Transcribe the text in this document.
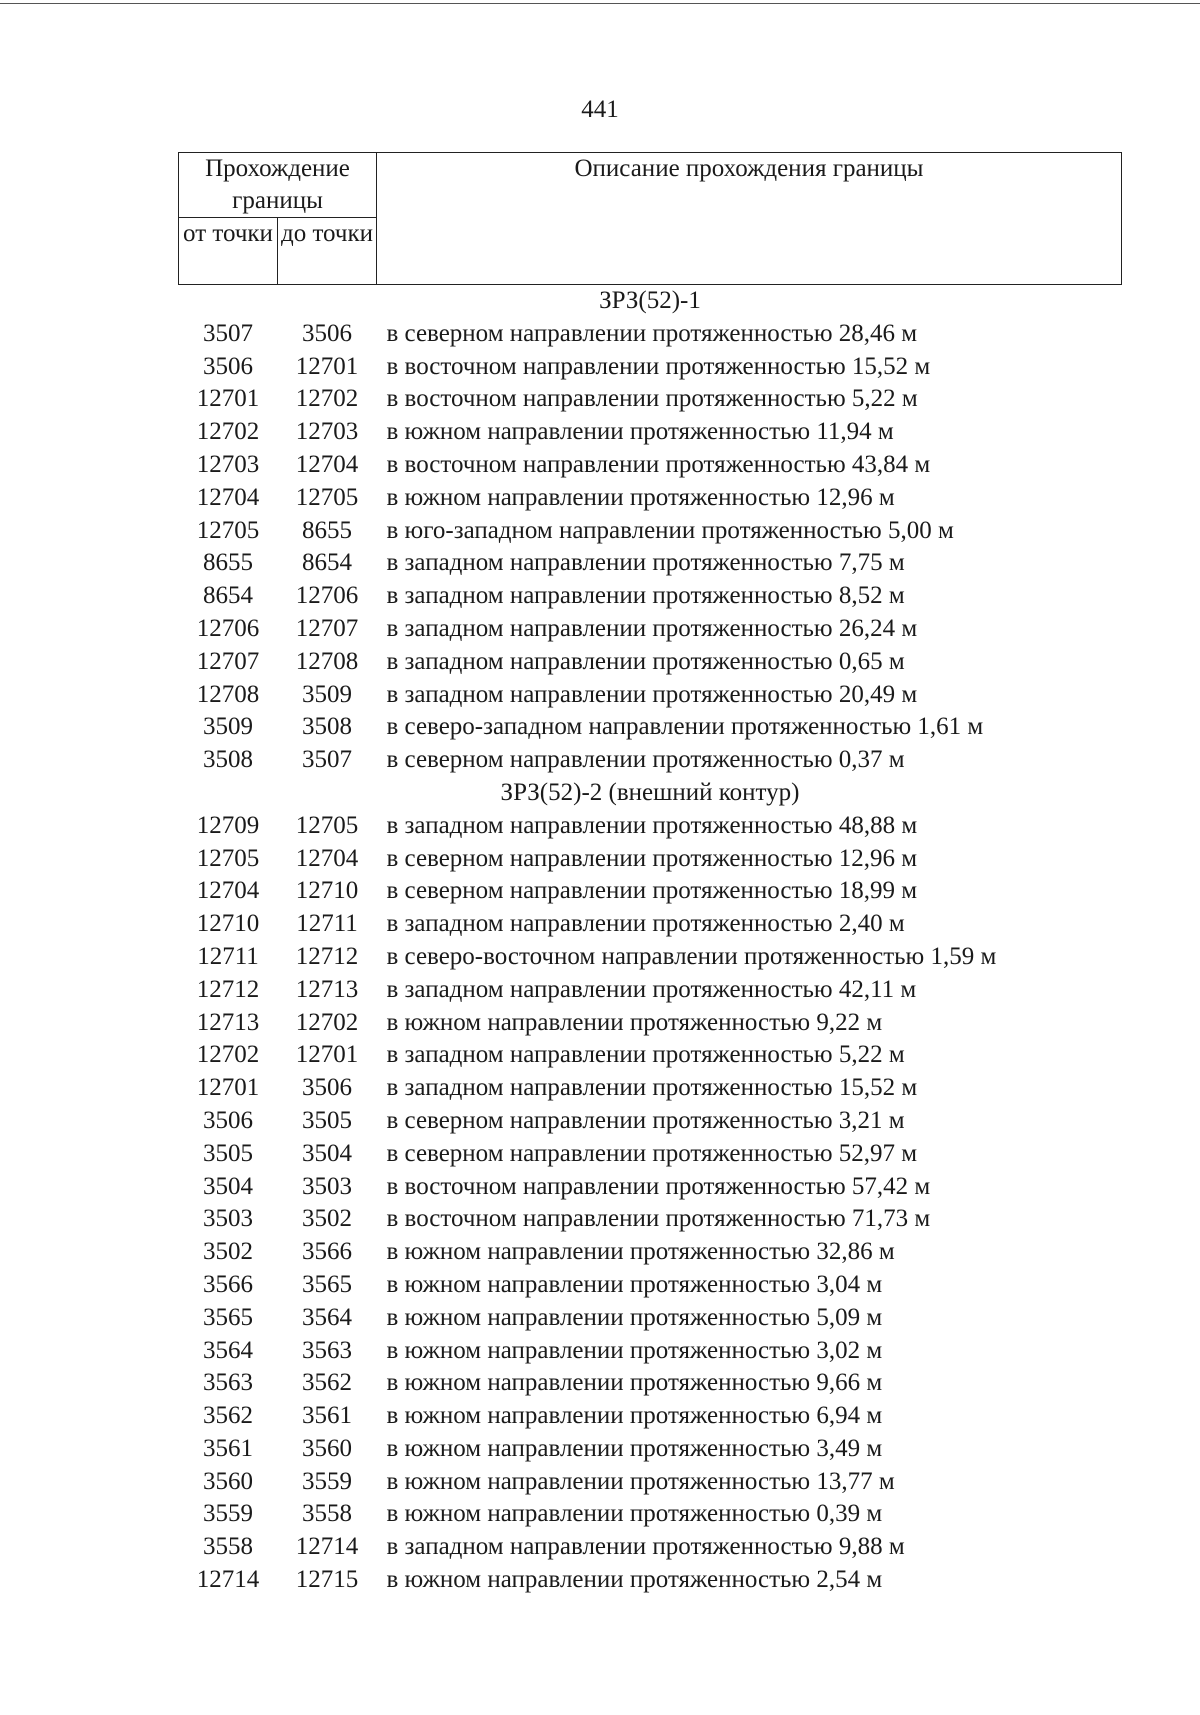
441
Прохождение границы		Описание прохождения границы
от точки	до точки	
ЗРЗ(52)-1		
3507	3506	в северном направлении протяженностью 28,46 м
3506	12701	в восточном направлении протяженностью 15,52 м
12701	12702	в восточном направлении протяженностью 5,22 м
12702	12703	в южном направлении протяженностью 11,94 м
12703	12704	в восточном направлении протяженностью 43,84 м
12704	12705	в южном направлении протяженностью 12,96 м
12705	8655	в юго-западном направлении протяженностью 5,00 м
8655	8654	в западном направлении протяженностью 7,75 м
8654	12706	в западном направлении протяженностью 8,52 м
12706	12707	в западном направлении протяженностью 26,24 м
12707	12708	в западном направлении протяженностью 0,65 м
12708	3509	в западном направлении протяженностью 20,49 м
3509	3508	в северо-западном направлении протяженностью 1,61 м
3508	3507	в северном направлении протяженностью 0,37 м
ЗРЗ(52)-2 (внешний контур)		
12709	12705	в западном направлении протяженностью 48,88 м
12705	12704	в северном направлении протяженностью 12,96 м
12704	12710	в северном направлении протяженностью 18,99 м
12710	12711	в западном направлении протяженностью 2,40 м
12711	12712	в северо-восточном направлении протяженностью 1,59 м
12712	12713	в западном направлении протяженностью 42,11 м
12713	12702	в южном направлении протяженностью 9,22 м
12702	12701	в западном направлении протяженностью 5,22 м
12701	3506	в западном направлении протяженностью 15,52 м
3506	3505	в северном направлении протяженностью 3,21 м
3505	3504	в северном направлении протяженностью 52,97 м
3504	3503	в восточном направлении протяженностью 57,42 м
3503	3502	в восточном направлении протяженностью 71,73 м
3502	3566	в южном направлении протяженностью 32,86 м
3566	3565	в южном направлении протяженностью 3,04 м
3565	3564	в южном направлении протяженностью 5,09 м
3564	3563	в южном направлении протяженностью 3,02 м
3563	3562	в южном направлении протяженностью 9,66 м
3562	3561	в южном направлении протяженностью 6,94 м
3561	3560	в южном направлении протяженностью 3,49 м
3560	3559	в южном направлении протяженностью 13,77 м
3559	3558	в южном направлении протяженностью 0,39 м
3558	12714	в западном направлении протяженностью 9,88 м
12714	12715	в южном направлении протяженностью 2,54 м
